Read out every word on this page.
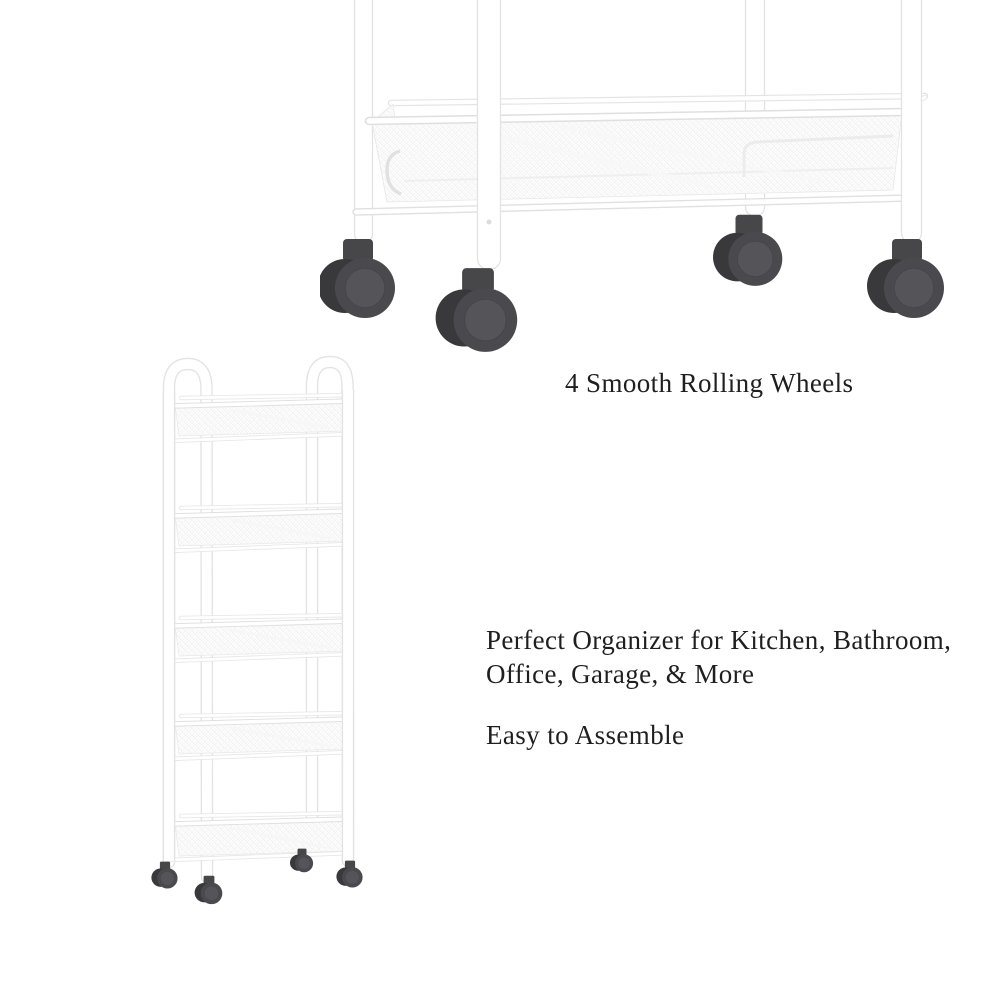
4 Smooth Rolling Wheels
Perfect Organizer for Kitchen, Bathroom,
Office, Garage, & More
Easy to Assemble
